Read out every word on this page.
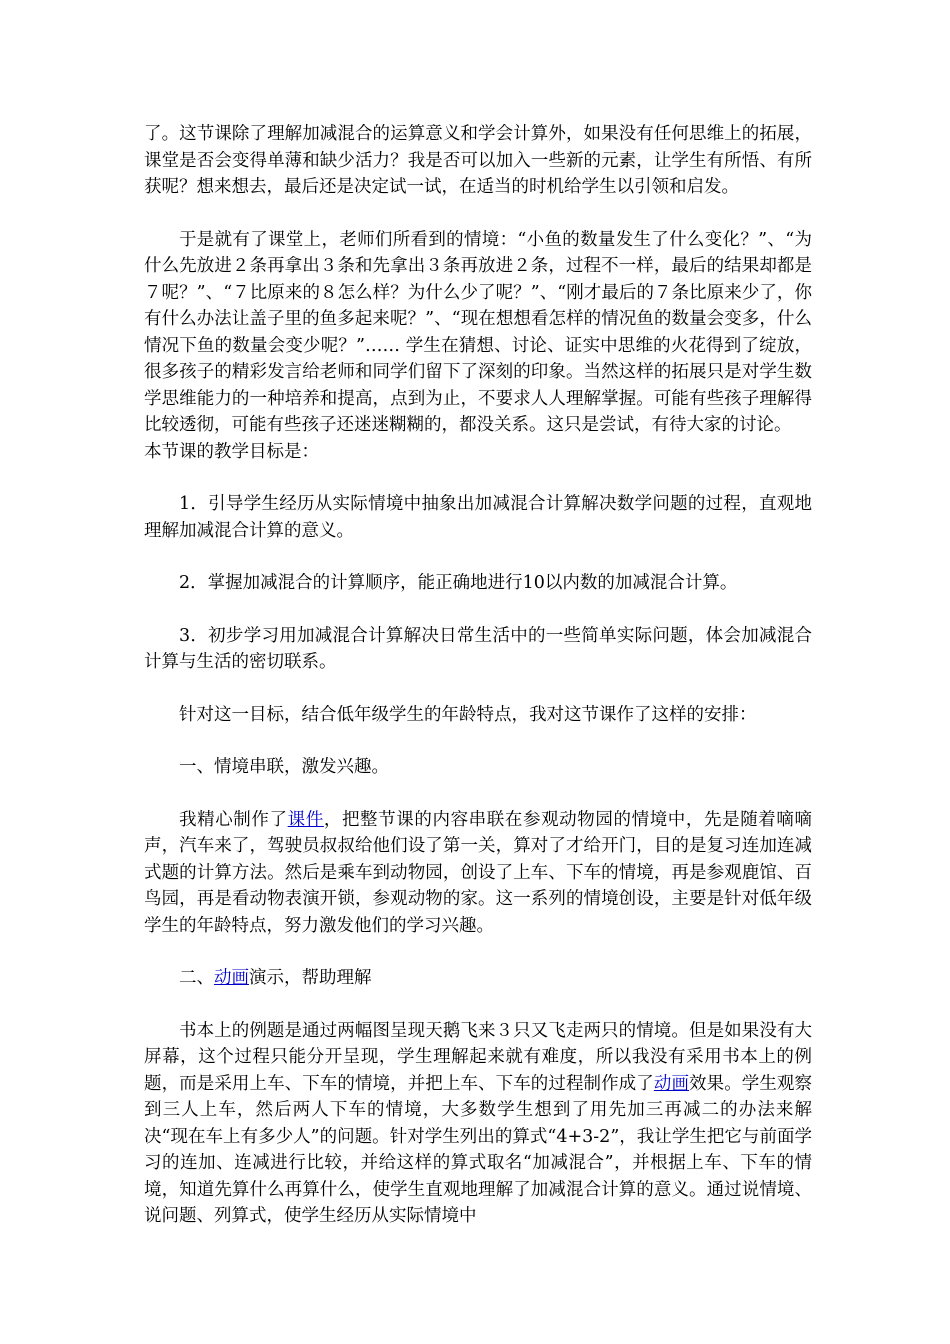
了。这节课除了理解加减混合的运算意义和学会计算外，如果没有任何思维上的拓展，课堂是否会变得单薄和缺少活力？我是否可以加入一些新的元素，让学生有所悟、有所获呢？想来想去，最后还是决定试一试，在适当的时机给学生以引领和启发。

于是就有了课堂上，老师们所看到的情境：“小鱼的数量发生了什么变化？”、“为什么先放进２条再拿出３条和先拿出３条再放进２条，过程不一样，最后的结果却都是７呢？”、“７比原来的８怎么样？为什么少了呢？”、“刚才最后的７条比原来少了，你有什么办法让盖子里的鱼多起来呢？”、“现在想想看怎样的情况鱼的数量会变多，什么情况下鱼的数量会变少呢？”…… 学生在猜想、讨论、证实中思维的火花得到了绽放，很多孩子的精彩发言给老师和同学们留下了深刻的印象。当然这样的拓展只是对学生数学思维能力的一种培养和提高，点到为止，不要求人人理解掌握。可能有些孩子理解得比较透彻，可能有些孩子还迷迷糊糊的，都没关系。这只是尝试，有待大家的讨论。

本节课的教学目标是：

1．引导学生经历从实际情境中抽象出加减混合计算解决数学问题的过程，直观地理解加减混合计算的意义。

2．掌握加减混合的计算顺序，能正确地进行10以内数的加减混合计算。

3．初步学习用加减混合计算解决日常生活中的一些简单实际问题，体会加减混合计算与生活的密切联系。

针对这一目标，结合低年级学生的年龄特点，我对这节课作了这样的安排：

一、情境串联，激发兴趣。

我精心制作了课件，把整节课的内容串联在参观动物园的情境中，先是随着嘀嘀声，汽车来了，驾驶员叔叔给他们设了第一关，算对了才给开门，目的是复习连加连减式题的计算方法。然后是乘车到动物园，创设了上车、下车的情境，再是参观鹿馆、百鸟园，再是看动物表演开锁，参观动物的家。这一系列的情境创设，主要是针对低年级学生的年龄特点，努力激发他们的学习兴趣。

二、动画演示，帮助理解

书本上的例题是通过两幅图呈现天鹅飞来３只又飞走两只的情境。但是如果没有大屏幕，这个过程只能分开呈现，学生理解起来就有难度，所以我没有采用书本上的例题，而是采用上车、下车的情境，并把上车、下车的过程制作成了动画效果。学生观察到三人上车，然后两人下车的情境，大多数学生想到了用先加三再减二的办法来解决“现在车上有多少人”的问题。针对学生列出的算式“4+3-2”，我让学生把它与前面学习的连加、连减进行比较，并给这样的算式取名“加减混合”，并根据上车、下车的情境，知道先算什么再算什么，使学生直观地理解了加减混合计算的意义。通过说情境、说问题、列算式，使学生经历从实际情境中
